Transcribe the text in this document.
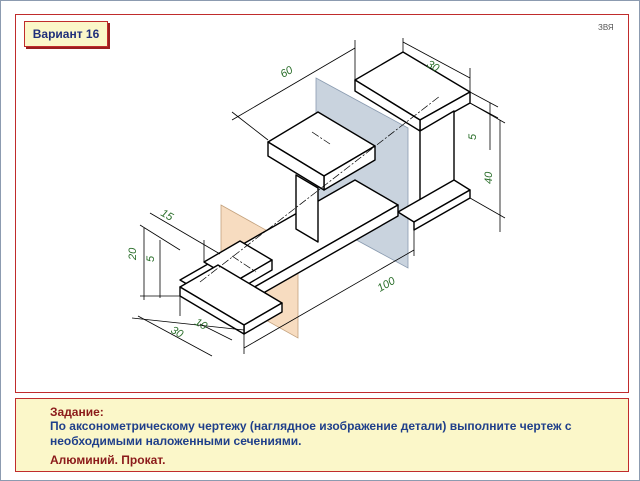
60	30
5
40
15
20 5
100
30 10
Вариант 16	ЗВЯ
Задание:
По аксонометрическому чертежу (наглядное изображение детали) выполните чертеж с необходимыми наложенными сечениями.
Алюминий. Прокат.
